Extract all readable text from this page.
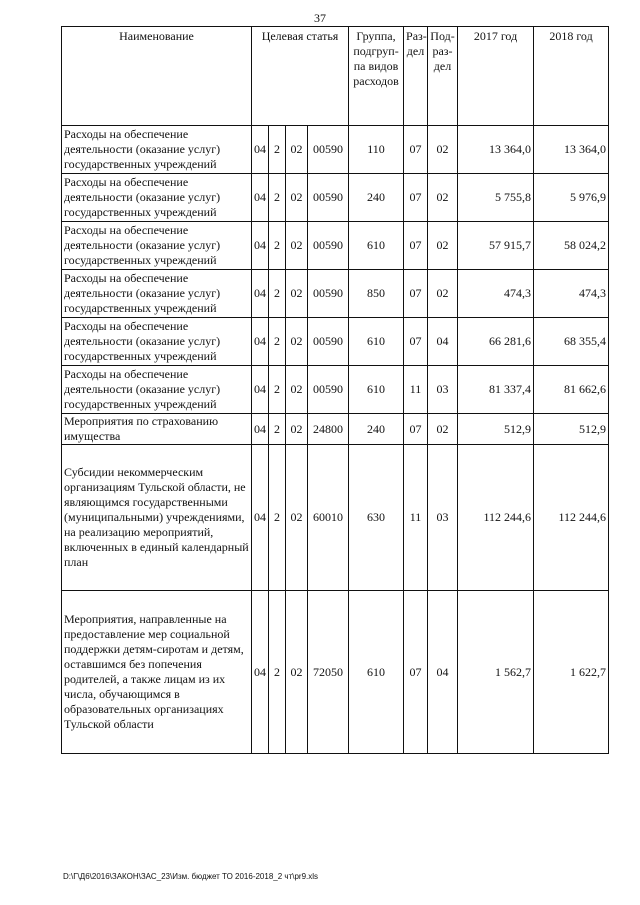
37
Наименование	Целевая статья				Группа, подгруп-па видов расходов	Раз-дел	Под-раз-дел	2017 год	2018 год
Расходы на обеспечение деятельности (оказание услуг) государственных учреждений	04	2	02	00590	110	07	02	13 364,0	13 364,0
Расходы на обеспечение деятельности (оказание услуг) государственных учреждений	04	2	02	00590	240	07	02	5 755,8	5 976,9
Расходы на обеспечение деятельности (оказание услуг) государственных учреждений	04	2	02	00590	610	07	02	57 915,7	58 024,2
Расходы на обеспечение деятельности (оказание услуг) государственных учреждений	04	2	02	00590	850	07	02	474,3	474,3
Расходы на обеспечение деятельности (оказание услуг) государственных учреждений	04	2	02	00590	610	07	04	66 281,6	68 355,4
Расходы на обеспечение деятельности (оказание услуг) государственных учреждений	04	2	02	00590	610	11	03	81 337,4	81 662,6
Мероприятия по страхованию имущества	04	2	02	24800	240	07	02	512,9	512,9
Субсидии некоммерческим организациям Тульской области, не являющимся государственными (муниципальными) учреждениями, на реализацию мероприятий, включенных в единый календарный план	04	2	02	60010	630	11	03	112 244,6	112 244,6
Мероприятия, направленные на предоставление мер социальной поддержки детям-сиротам и детям, оставшимся без попечения родителей, а также лицам из их числа, обучающимся в образовательных организациях Тульской области	04	2	02	72050	610	07	04	1 562,7	1 622,7
D:\Г\Д6\2016\ЗАКОН\ЗАС_23\Изм. бюджет ТО 2016-2018_2 чт\pr9.xls
